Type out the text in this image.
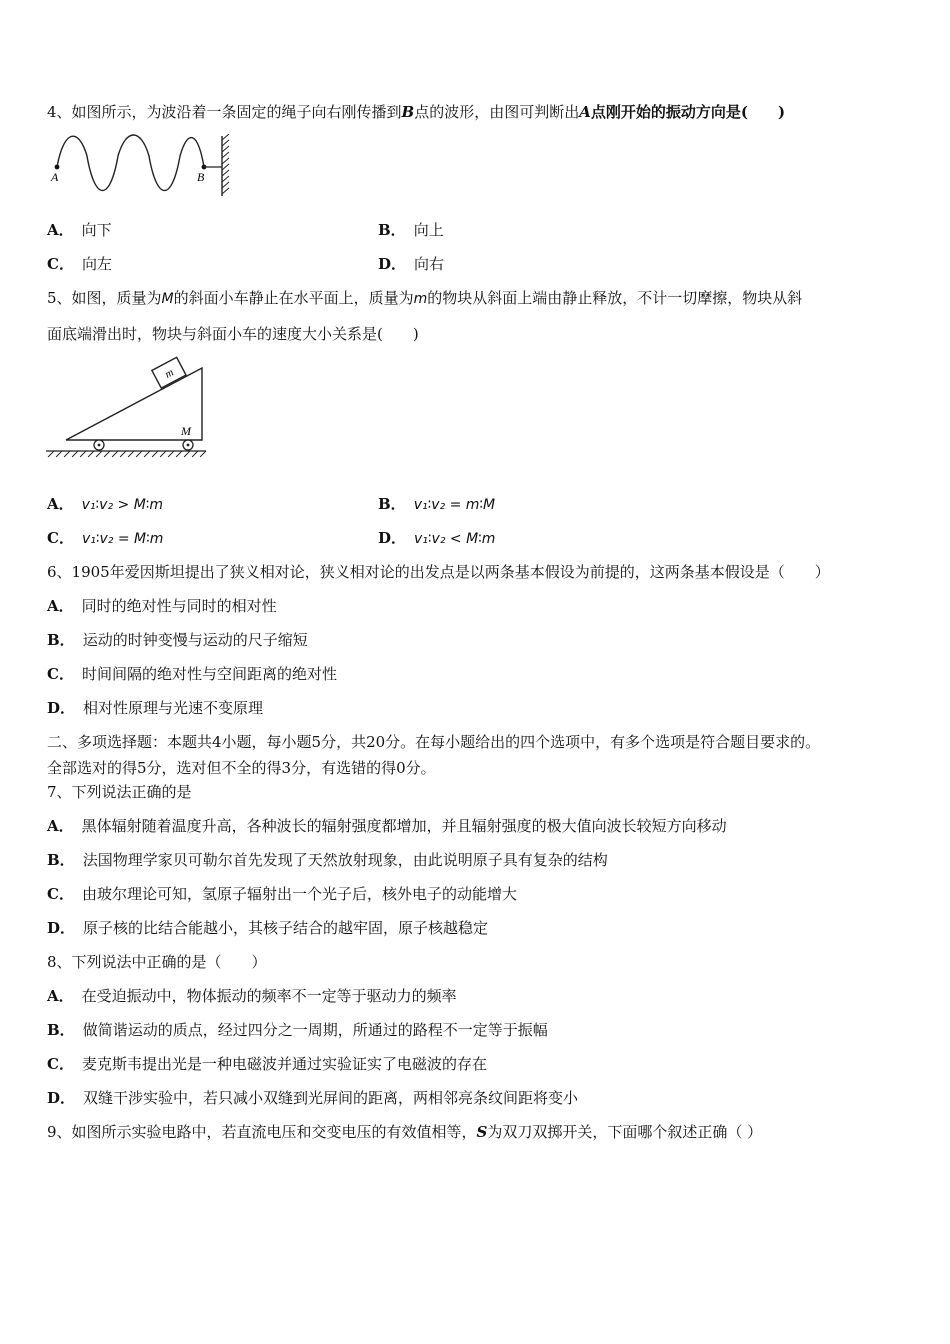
4、如图所示，为波沿着一条固定的绳子向右刚传播到B点的波形，由图可判断出A点刚开始的振动方向是(　　)
A	B
A． 向下	B． 向上
C． 向左	D． 向右
5、如图，质量为M的斜面小车静止在水平面上，质量为m的物块从斜面上端由静止释放，不计一切摩擦，物块从斜
面底端滑出时，物块与斜面小车的速度大小关系是(　　)
m
M
A． v₁∶v₂ > M∶m	B． v₁∶v₂ = m∶M
C． v₁∶v₂ = M∶m	D． v₁∶v₂ < M∶m
6、1905年爱因斯坦提出了狭义相对论，狭义相对论的出发点是以两条基本假设为前提的，这两条基本假设是（　　）
A． 同时的绝对性与同时的相对性
B． 运动的时钟变慢与运动的尺子缩短
C． 时间间隔的绝对性与空间距离的绝对性
D． 相对性原理与光速不变原理
二、多项选择题：本题共4小题，每小题5分，共20分。在每小题给出的四个选项中，有多个选项是符合题目要求的。
全部选对的得5分，选对但不全的得3分，有选错的得0分。
7、下列说法正确的是
A． 黑体辐射随着温度升高，各种波长的辐射强度都增加，并且辐射强度的极大值向波长较短方向移动
B． 法国物理学家贝可勒尔首先发现了天然放射现象，由此说明原子具有复杂的结构
C． 由玻尔理论可知，氢原子辐射出一个光子后，核外电子的动能增大
D． 原子核的比结合能越小，其核子结合的越牢固，原子核越稳定
8、下列说法中正确的是（　　）
A． 在受迫振动中，物体振动的频率不一定等于驱动力的频率
B． 做简谐运动的质点，经过四分之一周期，所通过的路程不一定等于振幅
C． 麦克斯韦提出光是一种电磁波并通过实验证实了电磁波的存在
D． 双缝干涉实验中，若只减小双缝到光屏间的距离，两相邻亮条纹间距将变小
9、如图所示实验电路中，若直流电压和交变电压的有效值相等，S为双刀双掷开关，下面哪个叙述正确（ ）
